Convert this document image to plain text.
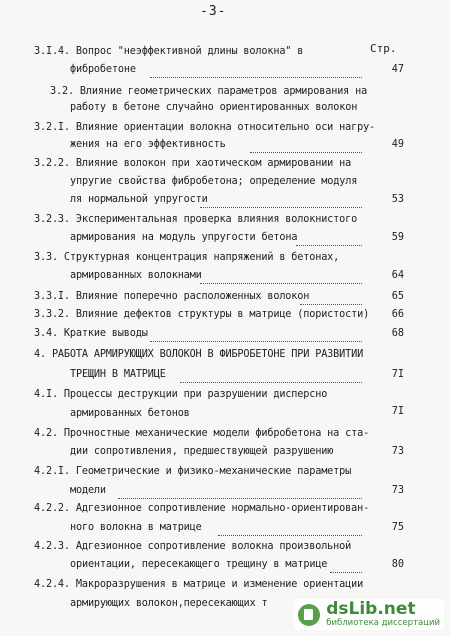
-3-
Стр.
3.I.4. Вопрос "неэффективной длины волокна" в
фибробетоне	47
3.2. Влияние геометрических параметров армирования на
работу в бетоне случайно ориентированных волокон
3.2.I. Влияние ориентации волокна относительно оси нагру-
жения на его эффективность	49
3.2.2. Влияние волокон при хаотическом армировании на
упругие свойства фибробетона; определение модуля
ля нормальной упругости	53
3.2.3. Экспериментальная проверка влияния волокнистого
армирования на модуль упругости бетона	59
3.3. Структурная концентрация напряжений в бетонах,
армированных волокнами	64
3.3.I. Влияние поперечно расположенных волокон	65
3.3.2. Влияние дефектов структуры в матрице (пористости)	66
3.4. Краткие выводы	68
4. РАБОТА АРМИРУЮЩИХ ВОЛОКОН В ФИБРОБЕТОНЕ ПРИ РАЗВИТИИ
ТРЕЩИН В МАТРИЦЕ	7I
4.I. Процессы деструкции при разрушении дисперсно
армированных бетонов	7I
4.2. Прочностные механические модели фибробетона на ста-
дии сопротивления, предшествующей разрушению	73
4.2.I. Геометрические и физико-механические параметры
модели	73
4.2.2. Адгезионное сопротивление нормально-ориентирован-
ного волокна в матрице	75
4.2.3. Адгезионное сопротивление волокна произвольной
ориентации, пересекающего трещину в матрице	80
4.2.4. Макроразрушения в матрице и изменение ориентации
армирующих волокон,пересекающих т	dsLib.net
библиотека диссертаций
